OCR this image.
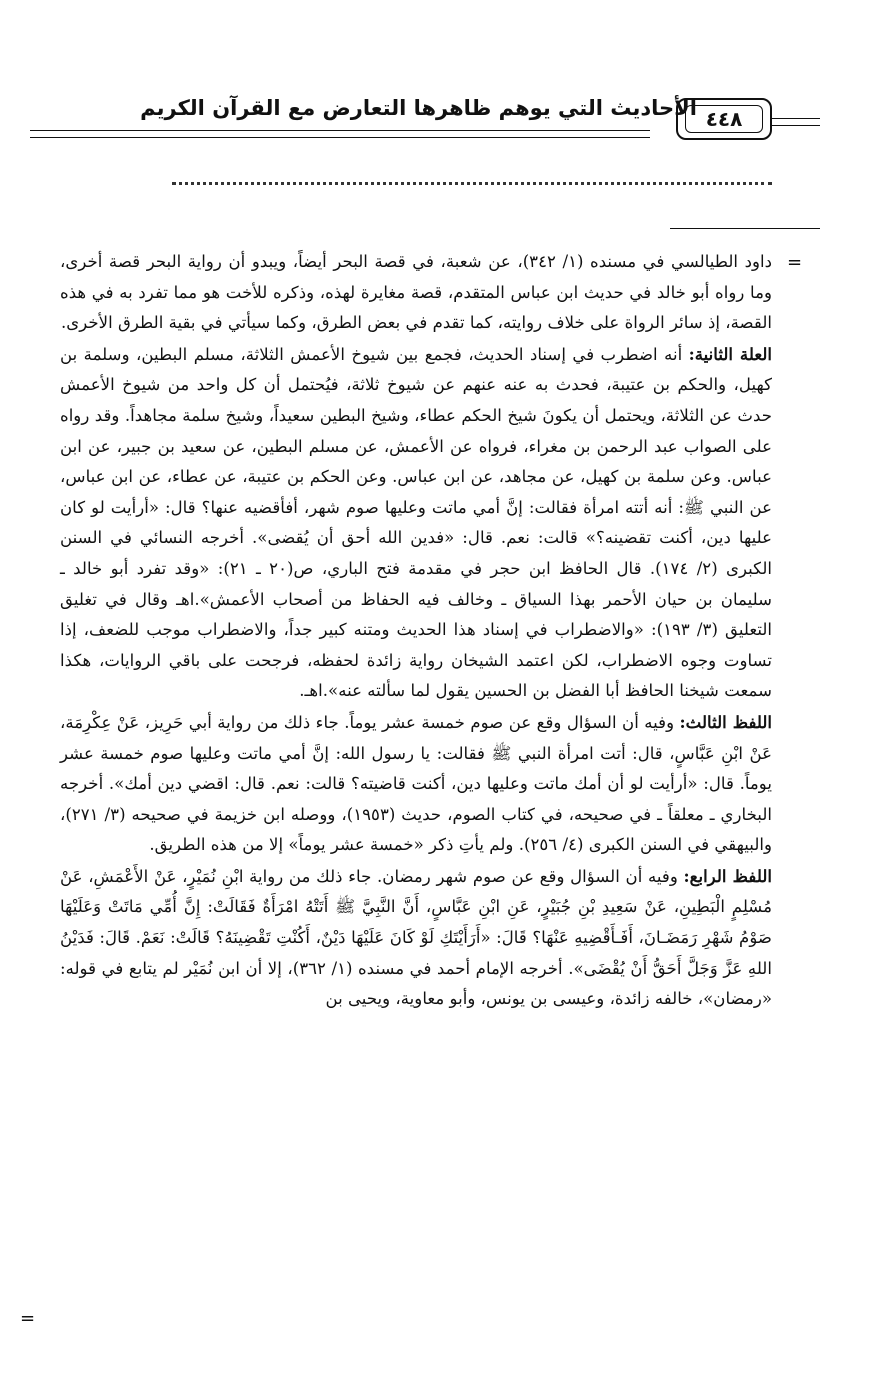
الأحاديث التي يوهم ظاهرها التعارض مع القرآن الكريم ٤٤٨
=

داود الطيالسي في مسنده (١/ ٣٤٢)، عن شعبة، في قصة البحر أيضاً، ويبدو أن رواية البحر قصة أخرى، وما رواه أبو خالد في حديث ابن عباس المتقدم، قصة مغايرة لهذه، وذكره للأخت هو مما تفرد به في هذه القصة، إذ سائر الرواة على خلاف روايته، كما تقدم في بعض الطرق، وكما سيأتي في بقية الطرق الأخرى.

العلة الثانية: أنه اضطرب في إسناد الحديث، فجمع بين شيوخ الأعمش الثلاثة، مسلم البطين، وسلمة بن كهيل، والحكم بن عتيبة، فحدث به عنه عنهم عن شيوخ ثلاثة، فيُحتمل أن كل واحد من شيوخ الأعمش حدث عن الثلاثة، ويحتمل أن يكونَ شيخ الحكم عطاء، وشيخ البطين سعيداً، وشيخ سلمة مجاهداً. وقد رواه على الصواب عبد الرحمن بن مغراء، فرواه عن الأعمش، عن مسلم البطين، عن سعيد بن جبير، عن ابن عباس. وعن سلمة بن كهيل، عن مجاهد، عن ابن عباس. وعن الحكم بن عتيبة، عن عطاء، عن ابن عباس، عن النبي ﷺ: أنه أتته امرأة فقالت: إنَّ أمي ماتت وعليها صوم شهر، أفأقضيه عنها؟ قال: «أرأيت لو كان عليها دين، أكنت تقضينه؟» قالت: نعم. قال: «فدين الله أحق أن يُقضى». أخرجه النسائي في السنن الكبرى (٢/ ١٧٤). قال الحافظ ابن حجر في مقدمة فتح الباري، ص(٢٠ ـ ٢١): «وقد تفرد أبو خالد ـ سليمان بن حيان الأحمر بهذا السياق ـ وخالف فيه الحفاظ من أصحاب الأعمش».اهـ وقال في تغليق التعليق (٣/ ١٩٣): «والاضطراب في إسناد هذا الحديث ومتنه كبير جداً، والاضطراب موجب للضعف، إذا تساوت وجوه الاضطراب، لكن اعتمد الشيخان رواية زائدة لحفظه، فرجحت على باقي الروايات، هكذا سمعت شيخنا الحافظ أبا الفضل بن الحسين يقول لما سألته عنه».اهـ.

اللفظ الثالث: وفيه أن السؤال وقع عن صوم خمسة عشر يوماً. جاء ذلك من رواية أبي حَرِيز، عَنْ عِكْرِمَة، عَنْ ابْنِ عَبَّاسٍ، قال: أتت امرأة النبي ﷺ فقالت: يا رسول الله: إنَّ أمي ماتت وعليها صوم خمسة عشر يوماً. قال: «أرأيت لو أن أمك ماتت وعليها دين، أكنت قاضيته؟ قالت: نعم. قال: اقضي دين أمك». أخرجه البخاري ـ معلقاً ـ في صحيحه، في كتاب الصوم، حديث (١٩٥٣)، ووصله ابن خزيمة في صحيحه (٣/ ٢٧١)، والبيهقي في السنن الكبرى (٤/ ٢٥٦). ولم يأتِ ذكر «خمسة عشر يوماً» إلا من هذه الطريق.

اللفظ الرابع: وفيه أن السؤال وقع عن صوم شهر رمضان. جاء ذلك من رواية ابْنِ نُمَيْرٍ، عَنْ الأَعْمَشِ، عَنْ مُسْلِمٍ الْبَطِينِ، عَنْ سَعِيدِ بْنِ جُبَيْرٍ، عَنِ ابْنِ عَبَّاسٍ، أَنَّ النَّبِيَّ ﷺ أَتَتْهُ امْرَأَةٌ فَقَالَتْ: إِنَّ أُمِّي مَاتَتْ وَعَلَيْهَا صَوْمُ شَهْرِ رَمَضَـانَ، أَفَـأَقْضِيهِ عَنْهَا؟ قَالَ: «أَرَأَيْتَكِ لَوْ كَانَ عَلَيْهَا دَيْنٌ، أَكُنْتِ تَقْضِينَهُ؟ قَالَتْ: نَعَمْ. قَالَ: فَدَيْنُ اللهِ عَزَّ وَجَلَّ أَحَقُّ أَنْ يُقْضَى». أخرجه الإمام أحمد في مسنده (١/ ٣٦٢)، إلا أن ابن نُمَيْر لم يتابع في قوله: «رمضان»، خالفه زائدة، وعيسى بن يونس، وأبو معاوية، ويحيى بن

=
